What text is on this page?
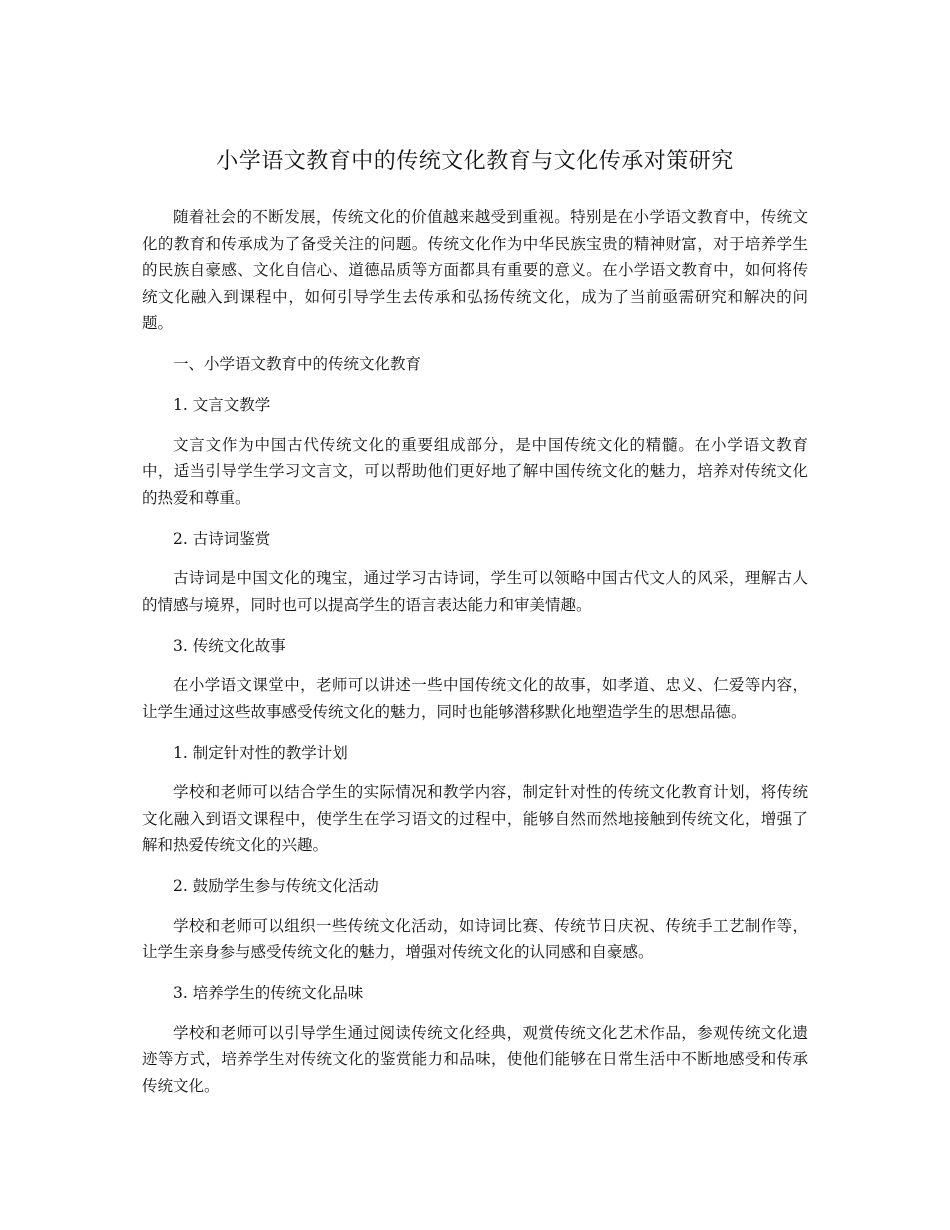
小学语文教育中的传统文化教育与文化传承对策研究

随着社会的不断发展，传统文化的价值越来越受到重视。特别是在小学语文教育中，传统文化的教育和传承成为了备受关注的问题。传统文化作为中华民族宝贵的精神财富，对于培养学生的民族自豪感、文化自信心、道德品质等方面都具有重要的意义。在小学语文教育中，如何将传统文化融入到课程中，如何引导学生去传承和弘扬传统文化，成为了当前亟需研究和解决的问题。

一、小学语文教育中的传统文化教育

1. 文言文教学

文言文作为中国古代传统文化的重要组成部分，是中国传统文化的精髓。在小学语文教育中，适当引导学生学习文言文，可以帮助他们更好地了解中国传统文化的魅力，培养对传统文化的热爱和尊重。

2. 古诗词鉴赏

古诗词是中国文化的瑰宝，通过学习古诗词，学生可以领略中国古代文人的风采，理解古人的情感与境界，同时也可以提高学生的语言表达能力和审美情趣。

3. 传统文化故事

在小学语文课堂中，老师可以讲述一些中国传统文化的故事，如孝道、忠义、仁爱等内容，让学生通过这些故事感受传统文化的魅力，同时也能够潜移默化地塑造学生的思想品德。

1. 制定针对性的教学计划

学校和老师可以结合学生的实际情况和教学内容，制定针对性的传统文化教育计划，将传统文化融入到语文课程中，使学生在学习语文的过程中，能够自然而然地接触到传统文化，增强了解和热爱传统文化的兴趣。

2. 鼓励学生参与传统文化活动

学校和老师可以组织一些传统文化活动，如诗词比赛、传统节日庆祝、传统手工艺制作等，让学生亲身参与感受传统文化的魅力，增强对传统文化的认同感和自豪感。

3. 培养学生的传统文化品味

学校和老师可以引导学生通过阅读传统文化经典，观赏传统文化艺术作品，参观传统文化遗迹等方式，培养学生对传统文化的鉴赏能力和品味，使他们能够在日常生活中不断地感受和传承传统文化。
